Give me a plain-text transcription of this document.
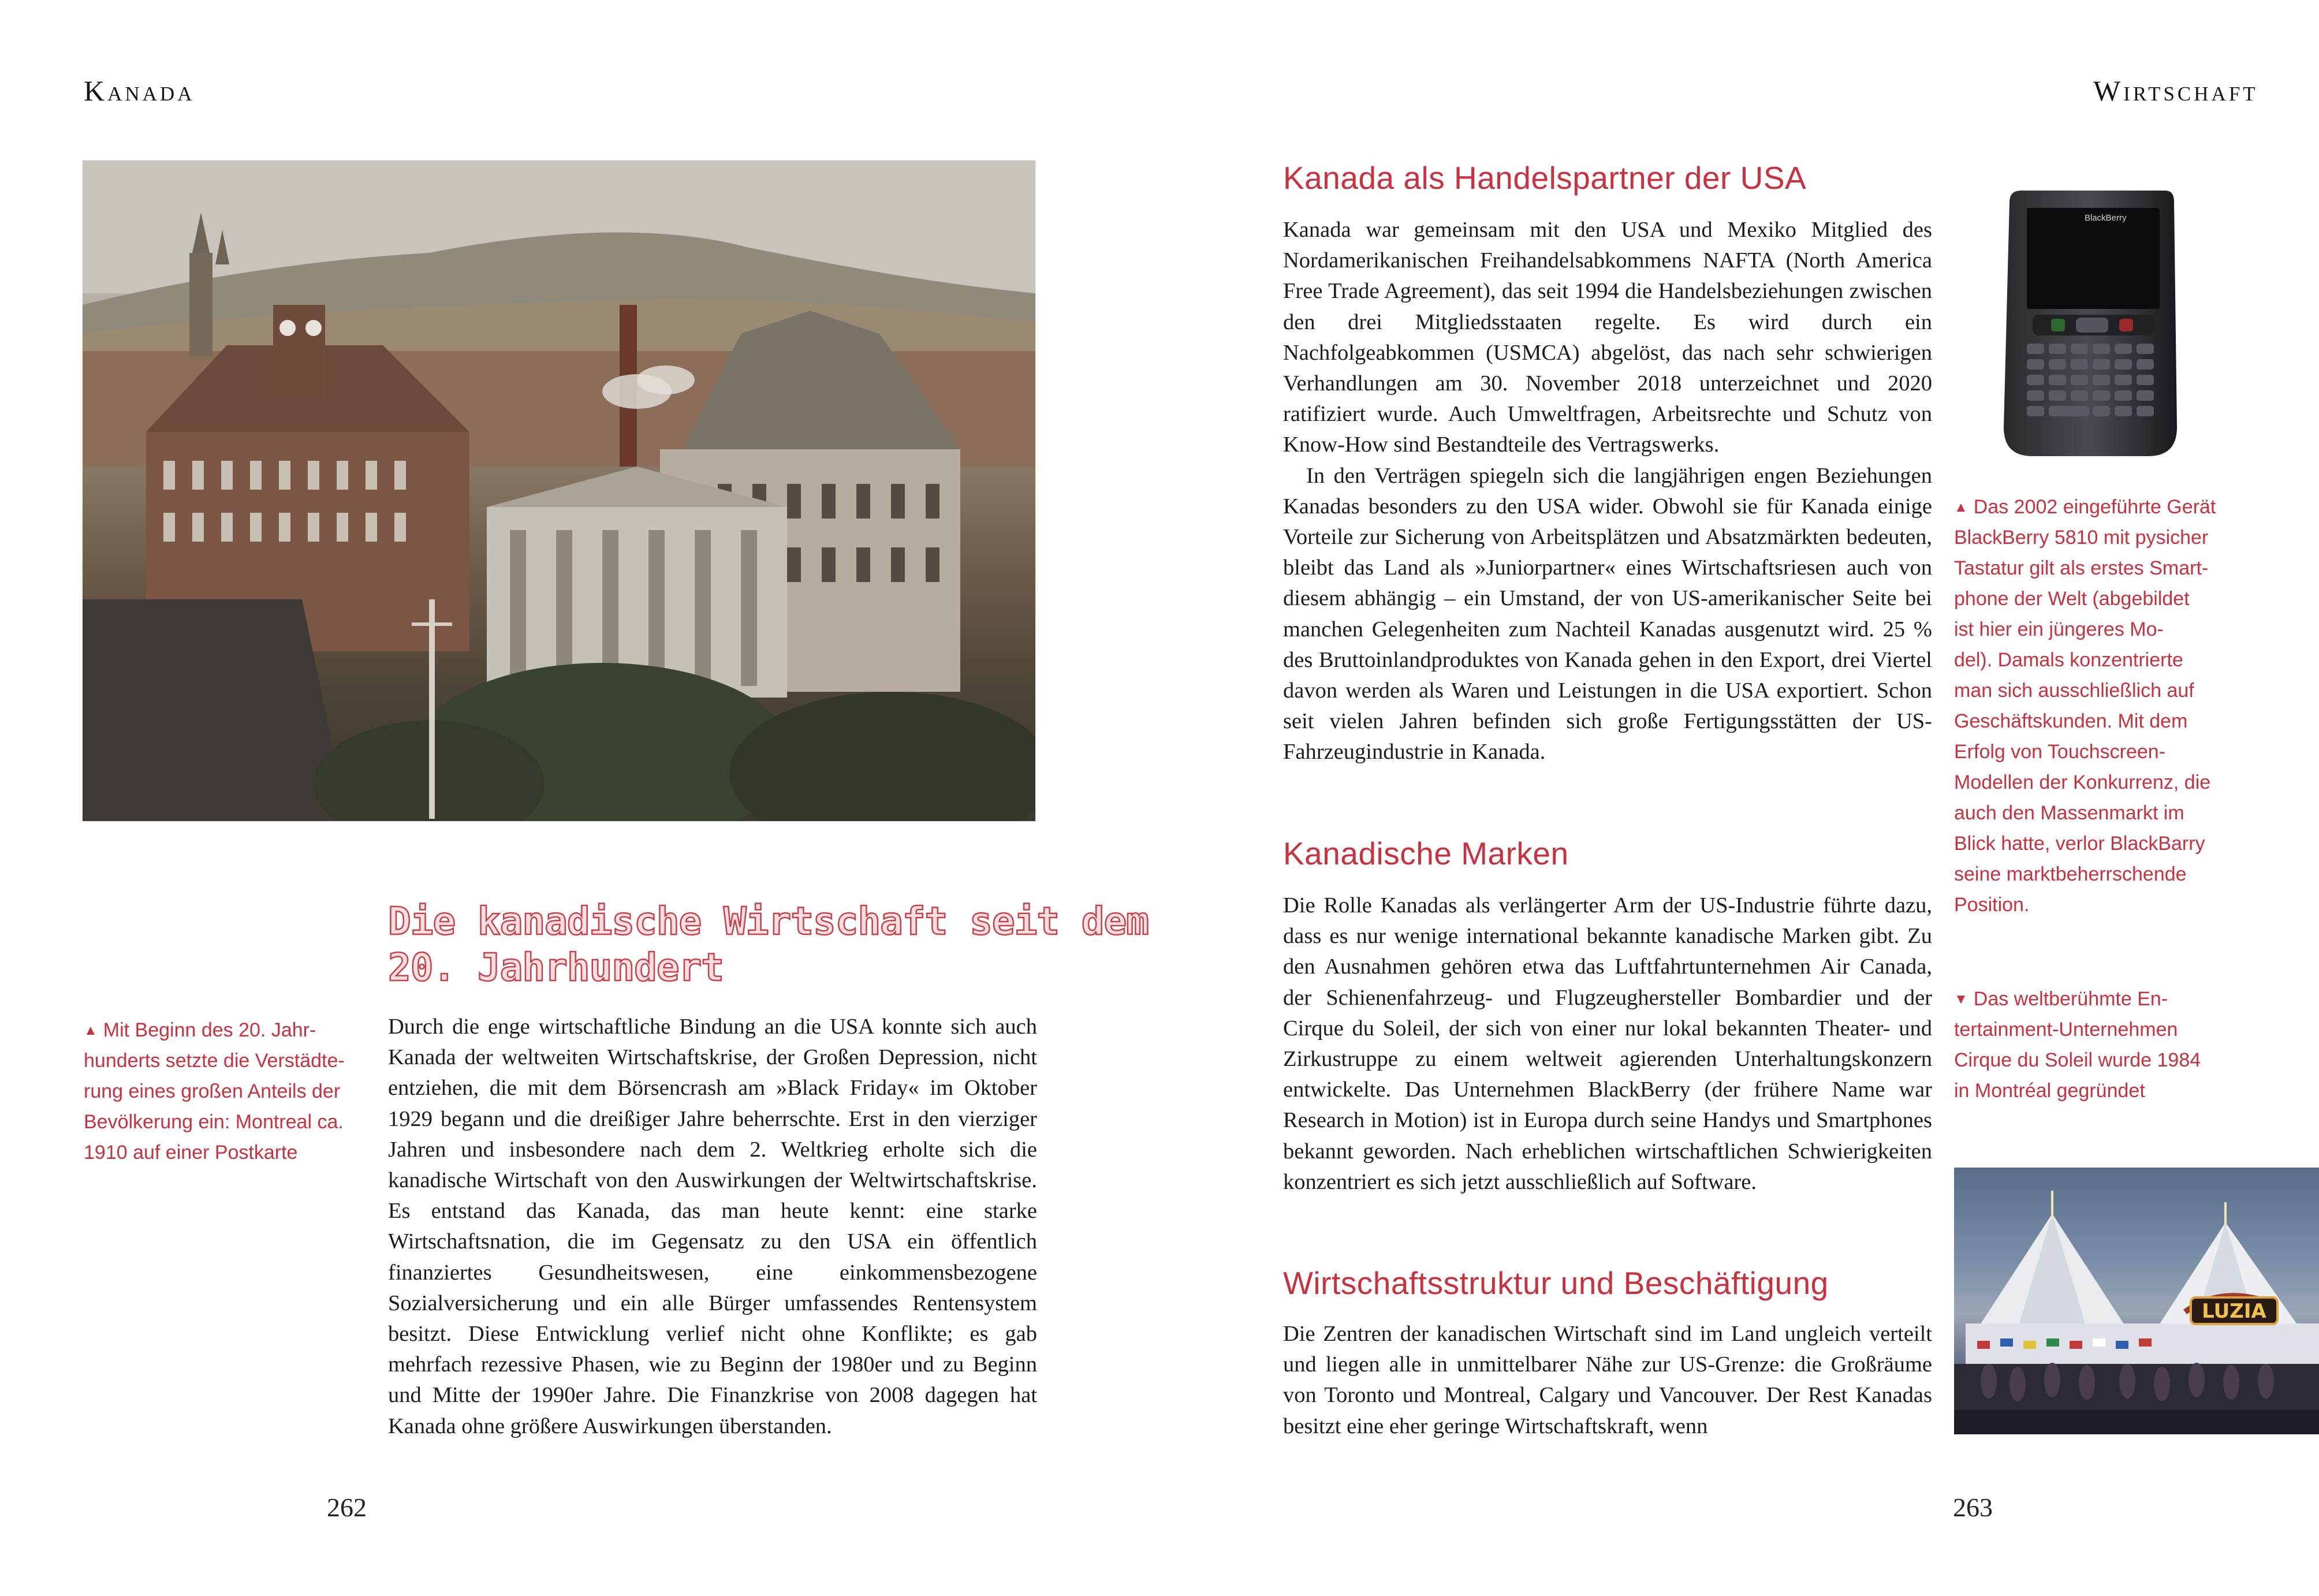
Kanada
Die kanadische Wirtschaft seit dem
20. Jahrhundert
▲ Mit Beginn des 20. Jahr-
hunderts setzte die Verstädte-
rung eines großen Anteils der
Bevölkerung ein: Montreal ca.
1910 auf einer Postkarte

Durch die enge wirtschaftliche Bindung an die USA konnte sich auch Kanada der weltweiten Wirtschaftskrise, der Großen Depression, nicht entziehen, die mit dem Börsencrash am »Black Friday« im Oktober 1929 begann und die dreißiger Jahre beherrschte. Erst in den vierziger Jahren und insbesondere nach dem 2. Weltkrieg erholte sich die kanadische Wirtschaft von den Auswirkungen der Weltwirtschaftskrise. Es entstand das Kanada, das man heute kennt: eine starke Wirtschaftsnation, die im Gegensatz zu den USA ein öffentlich finanziertes Gesundheitswesen, eine einkommensbezogene Sozialversicherung und ein alle Bürger umfassendes Rentensystem besitzt. Diese Entwicklung verlief nicht ohne Konflikte; es gab mehrfach rezessive Phasen, wie zu Beginn der 1980er und zu Beginn und Mitte der 1990er Jahre. Die Finanzkrise von 2008 dagegen hat Kanada ohne größere Auswirkungen überstanden.

262
Wirtschaft
Kanada als Handelspartner der USA

Kanada war gemeinsam mit den USA und Mexiko Mitglied des Nordamerikanischen Freihandelsabkommens NAFTA (North America Free Trade Agreement), das seit 1994 die Handelsbeziehungen zwischen den drei Mitgliedsstaaten regelte. Es wird durch ein Nachfolgeabkommen (USMCA) abgelöst, das nach sehr schwierigen Verhandlungen am 30. November 2018 unterzeichnet und 2020 ratifiziert wurde. Auch Umweltfragen, Arbeitsrechte und Schutz von Know-How sind Bestandteile des Vertragswerks.

In den Verträgen spiegeln sich die langjährigen engen Beziehungen Kanadas besonders zu den USA wider. Obwohl sie für Kanada einige Vorteile zur Sicherung von Arbeitsplätzen und Absatzmärkten bedeuten, bleibt das Land als »Juniorpartner« eines Wirtschaftsriesen auch von diesem abhängig – ein Umstand, der von US-amerikanischer Seite bei manchen Gelegenheiten zum Nachteil Kanadas ausgenutzt wird. 25 % des Bruttoinlandproduktes von Kanada gehen in den Export, drei Viertel davon werden als Waren und Leistungen in die USA exportiert. Schon seit vielen Jahren befinden sich große Fertigungsstätten der US-Fahrzeugindustrie in Kanada.

Kanadische Marken

Die Rolle Kanadas als verlängerter Arm der US-Industrie führte dazu, dass es nur wenige international bekannte kanadische Marken gibt. Zu den Ausnahmen gehören etwa das Luftfahrtunternehmen Air Canada, der Schienenfahrzeug- und Flugzeughersteller Bombardier und der Cirque du Soleil, der sich von einer nur lokal bekannten Theater- und Zirkustruppe zu einem weltweit agierenden Unterhaltungskonzern entwickelte. Das Unternehmen BlackBerry (der frühere Name war Research in Motion) ist in Europa durch seine Handys und Smartphones bekannt geworden. Nach erheblichen wirtschaftlichen Schwierigkeiten konzentriert es sich jetzt ausschließlich auf Software.

Wirtschaftsstruktur und Beschäftigung

Die Zentren der kanadischen Wirtschaft sind im Land ungleich verteilt und liegen alle in unmittelbarer Nähe zur US-Grenze: die Großräume von Toronto und Montreal, Calgary und Vancouver. Der Rest Kanadas besitzt eine eher geringe Wirtschaftskraft, wenn

BlackBerry
▲ Das 2002 eingeführte Gerät
BlackBerry 5810 mit pysicher
Tastatur gilt als erstes Smart-
phone der Welt (abgebildet
ist hier ein jüngeres Mo-
del). Damals konzentrierte
man sich ausschließlich auf
Geschäftskunden. Mit dem
Erfolg von Touchscreen-
Modellen der Konkurrenz, die
auch den Massenmarkt im
Blick hatte, verlor BlackBarry
seine marktbeherrschende
Position.
▼ Das weltberühmte En-
tertainment-Unternehmen
Cirque du Soleil wurde 1984
in Montréal gegründet
LUZIA
263
